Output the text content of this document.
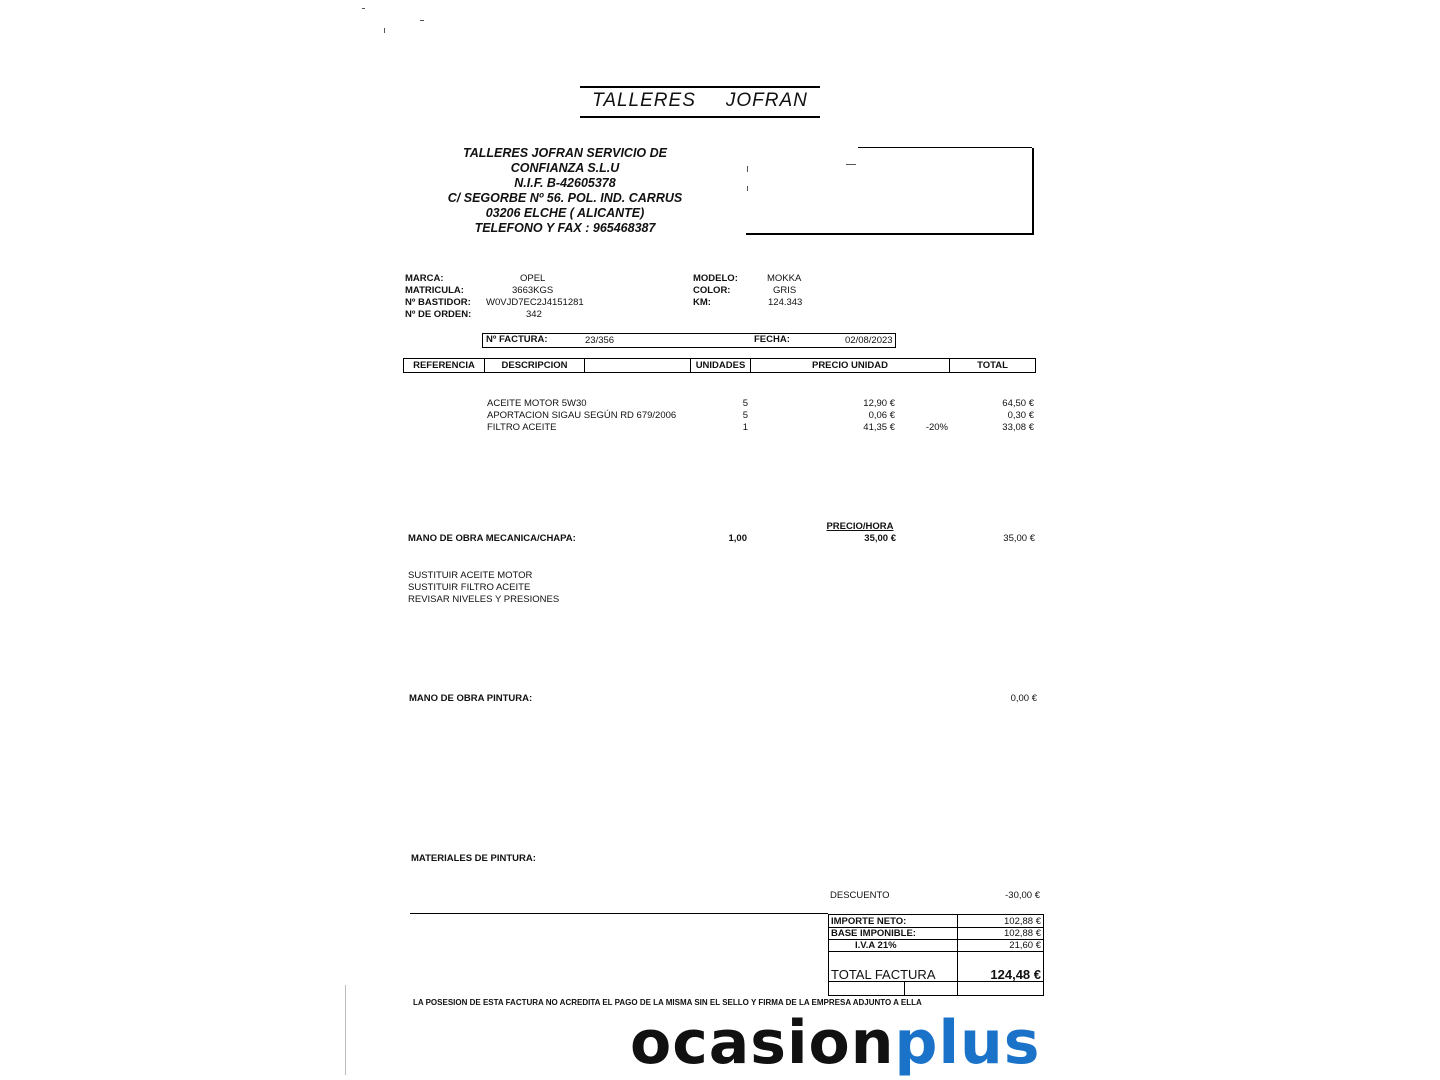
TALLERES JOFRAN
TALLERES JOFRAN SERVICIO DE
CONFIANZA S.L.U
N.I.F. B-42605378
C/ SEGORBE Nº 56. POL. IND. CARRUS
03206 ELCHE ( ALICANTE)
TELEFONO Y FAX : 965468387
MARCA:	OPEL
MATRICULA:	3663KGS
Nº BASTIDOR: W0VJD7EC2J4151281
Nº DE ORDEN:	342
MODELO:	MOKKA
COLOR:	GRIS
KM:	124.343
Nº FACTURA:	23/356	FECHA:	02/08/2023
REFERENCIA	DESCRIPCION	UNIDADES	PRECIO UNIDAD	TOTAL
ACEITE MOTOR 5W30	5	12,90 €	64,50 €
APORTACION SIGAU SEGÚN RD 679/2006	5	0,06 €	0,30 €
FILTRO ACEITE	1	41,35 €	-20%	33,08 €
PRECIO/HORA
MANO DE OBRA MECANICA/CHAPA:	1,00	35,00 €	35,00 €
SUSTITUIR ACEITE MOTOR
SUSTITUIR FILTRO ACEITE
REVISAR NIVELES Y PRESIONES
MANO DE OBRA PINTURA:	0,00 €
MATERIALES DE PINTURA:
DESCUENTO	-30,00 €
IMPORTE NETO:	102,88 €
BASE IMPONIBLE:	102,88 €
I.V.A 21%	21,60 €
TOTAL FACTURA	124,48 €
LA POSESION DE ESTA FACTURA NO ACREDITA EL PAGO DE LA MISMA SIN EL SELLO Y FIRMA DE LA EMPRESA ADJUNTO A ELLA
ocasionplus
